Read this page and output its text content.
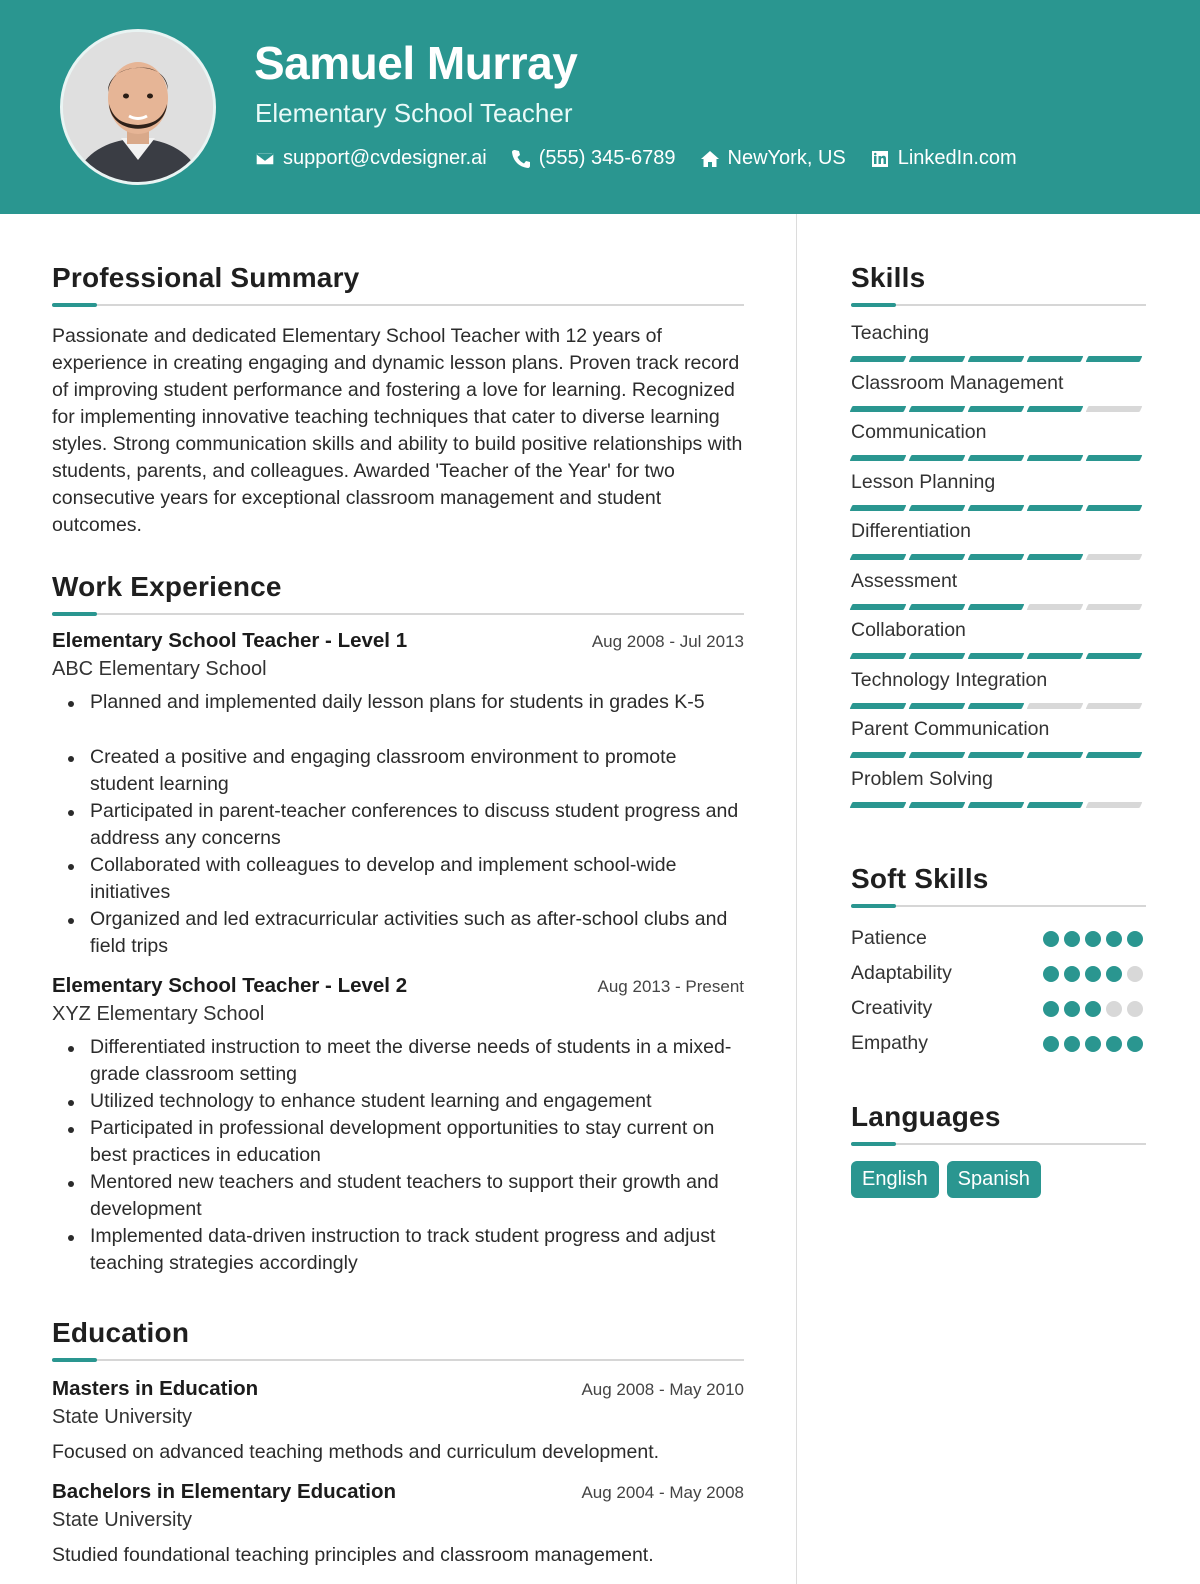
Samuel Murray
Elementary School Teacher
support@cvdesigner.ai	(555) 345-6789	NewYork, US	LinkedIn.com
Professional Summary

Passionate and dedicated Elementary School Teacher with 12 years of experience in creating engaging and dynamic lesson plans. Proven track record of improving student performance and fostering a love for learning. Recognized for implementing innovative teaching techniques that cater to diverse learning styles. Strong communication skills and ability to build positive relationships with students, parents, and colleagues. Awarded 'Teacher of the Year' for two consecutive years for exceptional classroom management and student outcomes.

Work Experience
Elementary School Teacher - Level 1	Aug 2008 - Jul 2013
ABC Elementary School
Planned and implemented daily lesson plans for students in grades K-5
Created a positive and engaging classroom environment to promote student learning
Participated in parent-teacher conferences to discuss student progress and address any concerns
Collaborated with colleagues to develop and implement school-wide initiatives
Organized and led extracurricular activities such as after-school clubs and field trips
Elementary School Teacher - Level 2	Aug 2013 - Present
XYZ Elementary School
Differentiated instruction to meet the diverse needs of students in a mixed-grade classroom setting
Utilized technology to enhance student learning and engagement
Participated in professional development opportunities to stay current on best practices in education
Mentored new teachers and student teachers to support their growth and development
Implemented data-driven instruction to track student progress and adjust teaching strategies accordingly
Education
Masters in Education	Aug 2008 - May 2010
State University
Focused on advanced teaching methods and curriculum development.
Bachelors in Elementary Education	Aug 2004 - May 2008
State University
Studied foundational teaching principles and classroom management.
Skills
Teaching
Classroom Management
Communication
Lesson Planning
Differentiation
Assessment
Collaboration
Technology Integration
Parent Communication
Problem Solving
Soft Skills
Patience
Adaptability
Creativity
Empathy
Languages
English	Spanish
